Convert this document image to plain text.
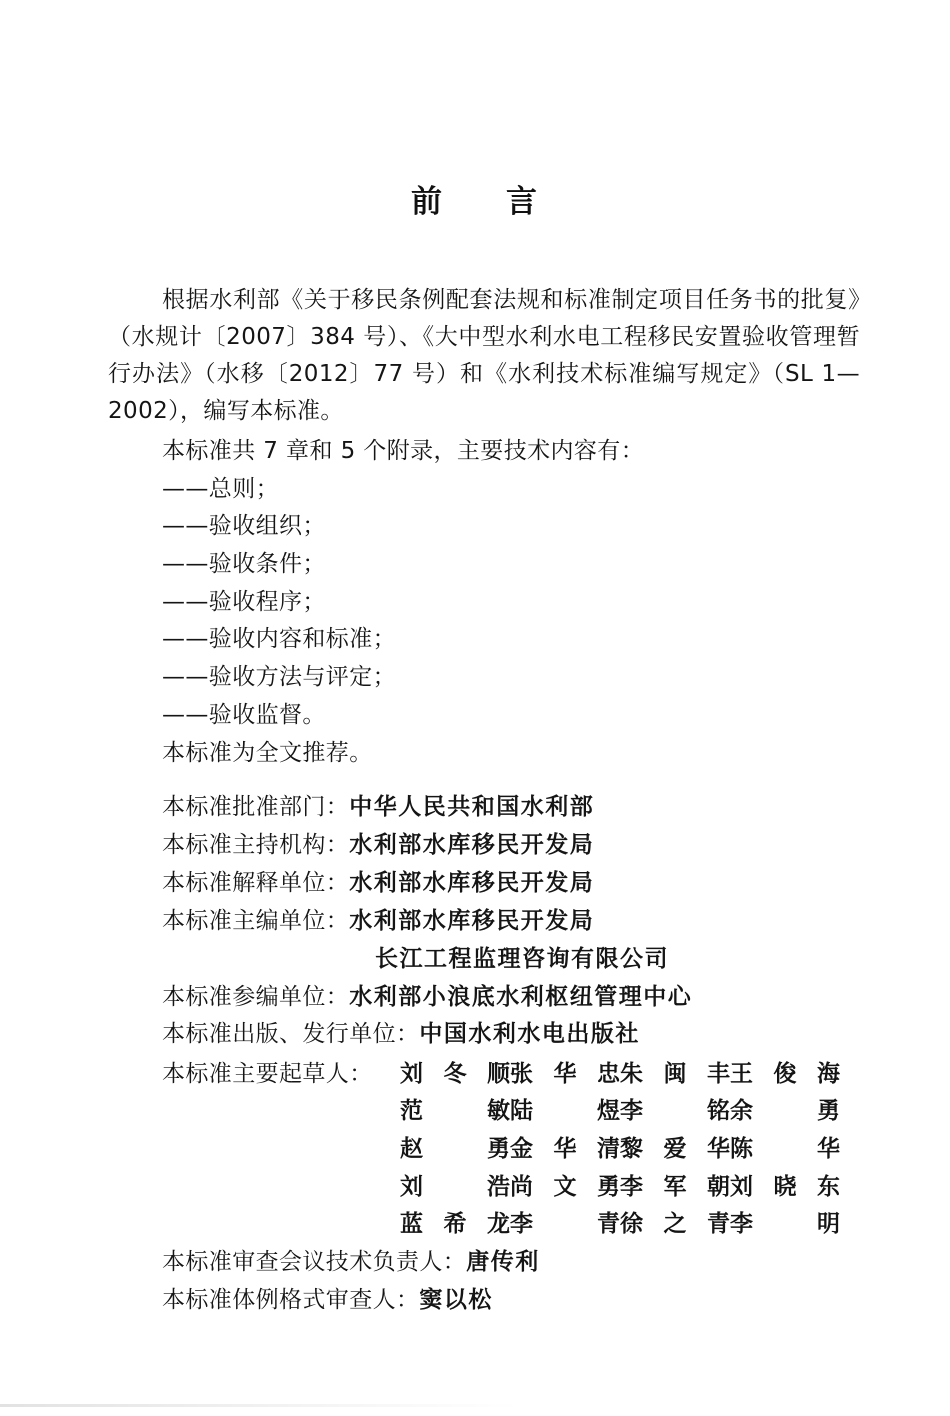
前 言
根据水利部《关于移民条例配套法规和标准制定项目任务书的批复》（水规计〔2007〕384 号）、《大中型水利水电工程移民安置验收管理暂行办法》（水移〔2012〕77 号）和《水利技术标准编写规定》（SL 1—2002），编写本标准。
本标准共 7 章和 5 个附录，主要技术内容有：
——总则；
——验收组织；
——验收条件；
——验收程序；
——验收内容和标准；
——验收方法与评定；
——验收监督。
本标准为全文推荐。
本标准批准部门：中华人民共和国水利部
本标准主持机构：水利部水库移民开发局
本标准解释单位：水利部水库移民开发局
本标准主编单位：水利部水库移民开发局
长江工程监理咨询有限公司
本标准参编单位：水利部小浪底水利枢纽管理中心
本标准出版、发行单位：中国水利水电出版社
本标准主要起草人： 刘冬顺张华忠朱闽丰王俊海
范 敏陆 煜李 铭余 勇
赵 勇金华清黎爱华陈 华
刘 浩尚文勇李军朝刘晓东
蓝希龙李 青徐之青李 明
本标准审查会议技术负责人：唐传利
本标准体例格式审查人：窦以松
